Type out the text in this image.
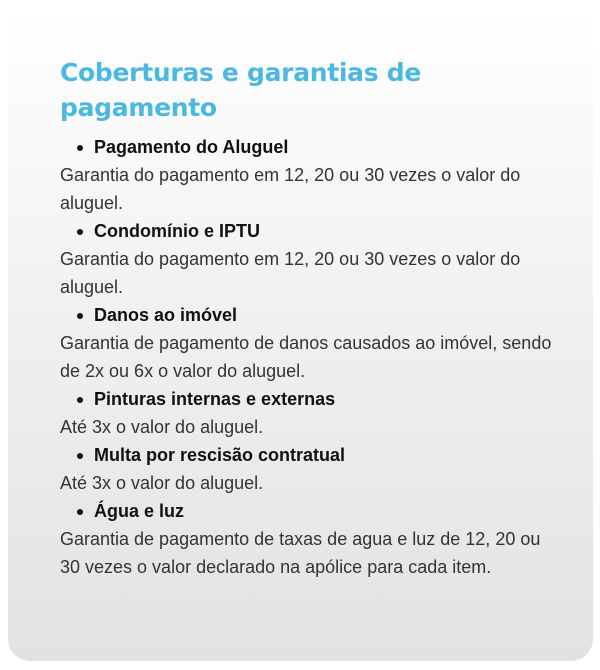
Coberturas e garantias de pagamento
Pagamento do Aluguel

Garantia do pagamento em 12, 20 ou 30 vezes o valor do aluguel.

Condomínio e IPTU

Garantia do pagamento em 12, 20 ou 30 vezes o valor do aluguel.

Danos ao imóvel

Garantia de pagamento de danos causados ao imóvel, sendo de 2x ou 6x o valor do aluguel.

Pinturas internas e externas

Até 3x o valor do aluguel.

Multa por rescisão contratual

Até 3x o valor do aluguel.

Água e luz

Garantia de pagamento de taxas de agua e luz de 12, 20 ou 30 vezes o valor declarado na apólice para cada item.
